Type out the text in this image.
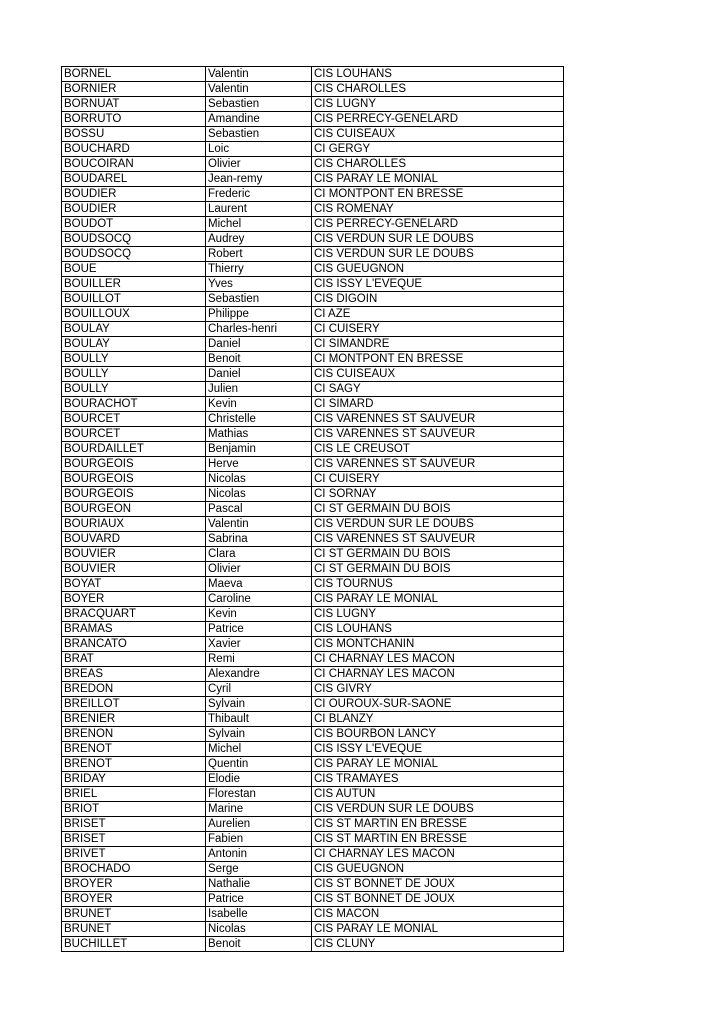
BORNEL	Valentin	CIS LOUHANS
BORNIER	Valentin	CIS CHAROLLES
BORNUAT	Sebastien	CIS LUGNY
BORRUTO	Amandine	CIS PERRECY-GENELARD
BOSSU	Sebastien	CIS CUISEAUX
BOUCHARD	Loic	CI GERGY
BOUCOIRAN	Olivier	CIS CHAROLLES
BOUDAREL	Jean-remy	CIS PARAY LE MONIAL
BOUDIER	Frederic	CI MONTPONT EN BRESSE
BOUDIER	Laurent	CIS ROMENAY
BOUDOT	Michel	CIS PERRECY-GENELARD
BOUDSOCQ	Audrey	CIS VERDUN SUR LE DOUBS
BOUDSOCQ	Robert	CIS VERDUN SUR LE DOUBS
BOUE	Thierry	CIS GUEUGNON
BOUILLER	Yves	CIS ISSY L'EVEQUE
BOUILLOT	Sebastien	CIS DIGOIN
BOUILLOUX	Philippe	CI AZE
BOULAY	Charles-henri	CI CUISERY
BOULAY	Daniel	CI SIMANDRE
BOULLY	Benoit	CI MONTPONT EN BRESSE
BOULLY	Daniel	CIS CUISEAUX
BOULLY	Julien	CI SAGY
BOURACHOT	Kevin	CI SIMARD
BOURCET	Christelle	CIS VARENNES ST SAUVEUR
BOURCET	Mathias	CIS VARENNES ST SAUVEUR
BOURDAILLET	Benjamin	CIS LE CREUSOT
BOURGEOIS	Herve	CIS VARENNES ST SAUVEUR
BOURGEOIS	Nicolas	CI CUISERY
BOURGEOIS	Nicolas	CI SORNAY
BOURGEON	Pascal	CI ST GERMAIN DU BOIS
BOURIAUX	Valentin	CIS VERDUN SUR LE DOUBS
BOUVARD	Sabrina	CIS VARENNES ST SAUVEUR
BOUVIER	Clara	CI ST GERMAIN DU BOIS
BOUVIER	Olivier	CI ST GERMAIN DU BOIS
BOYAT	Maeva	CIS TOURNUS
BOYER	Caroline	CIS PARAY LE MONIAL
BRACQUART	Kevin	CIS LUGNY
BRAMAS	Patrice	CIS LOUHANS
BRANCATO	Xavier	CIS MONTCHANIN
BRAT	Remi	CI CHARNAY LES MACON
BREAS	Alexandre	CI CHARNAY LES MACON
BREDON	Cyril	CIS GIVRY
BREILLOT	Sylvain	CI OUROUX-SUR-SAONE
BRENIER	Thibault	CI BLANZY
BRENON	Sylvain	CIS BOURBON LANCY
BRENOT	Michel	CIS ISSY L'EVEQUE
BRENOT	Quentin	CIS PARAY LE MONIAL
BRIDAY	Elodie	CIS TRAMAYES
BRIEL	Florestan	CIS AUTUN
BRIOT	Marine	CIS VERDUN SUR LE DOUBS
BRISET	Aurelien	CIS ST MARTIN EN BRESSE
BRISET	Fabien	CIS ST MARTIN EN BRESSE
BRIVET	Antonin	CI CHARNAY LES MACON
BROCHADO	Serge	CIS GUEUGNON
BROYER	Nathalie	CIS ST BONNET DE JOUX
BROYER	Patrice	CIS ST BONNET DE JOUX
BRUNET	Isabelle	CIS MACON
BRUNET	Nicolas	CIS PARAY LE MONIAL
BUCHILLET	Benoit	CIS CLUNY
